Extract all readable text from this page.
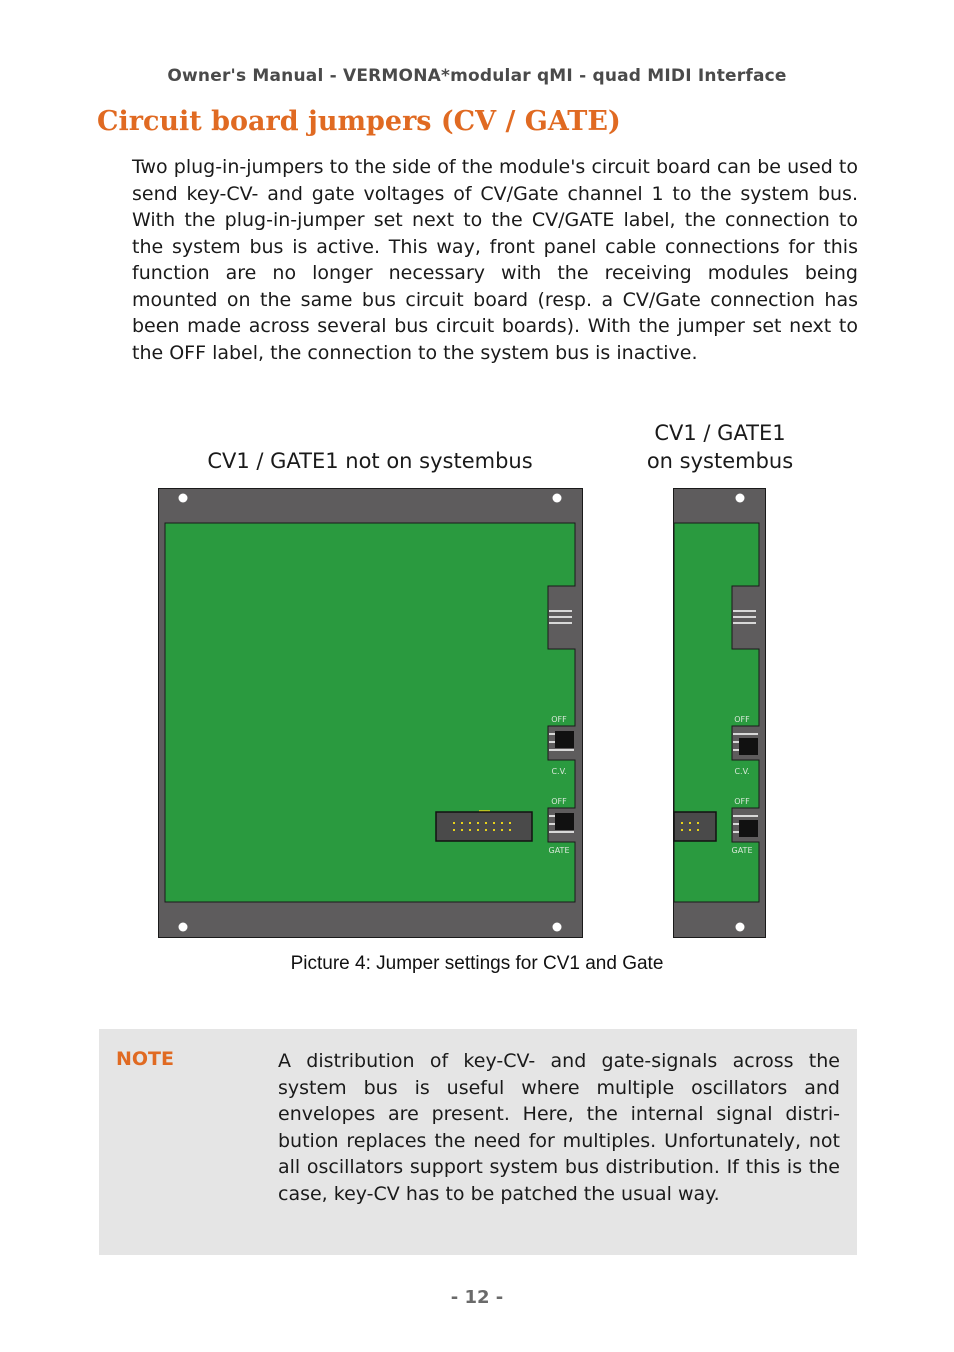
Owner's Manual - VERMONA*modular qMI - quad MIDI Interface
Circuit board jumpers (CV / GATE)

Two plug-in-jumpers to the side of the module's circuit board can be used to send key-CV- and gate voltages of CV/Gate channel 1 to the system bus. With the plug-in-jumper set next to the CV/GATE label, the connection to the system bus is active. This way, front panel cable connections for this function are no longer necessary with the receiving modules being mounted on the same bus circuit board (resp. a CV/Gate connection has been made across several bus circuit boards). With the jumper set next to the OFF label, the connection to the system bus is inactive.

CV1 / GATE1 not on systembus
CV1 / GATE1
on systembus
OFF
C.V.
OFF
GATE
OFF
C.V.
OFF
GATE
Picture 4: Jumper settings for CV1 and Gate
NOTE	A distribution of key-CV- and gate-signals across the system bus is useful where multiple oscillators and envelopes are present. Here, the internal signal distri-bution replaces the need for multiples. Unfortunately, not all oscillators support system bus distribution. If this is the case, key-CV has to be patched the usual way.

- 12 -
